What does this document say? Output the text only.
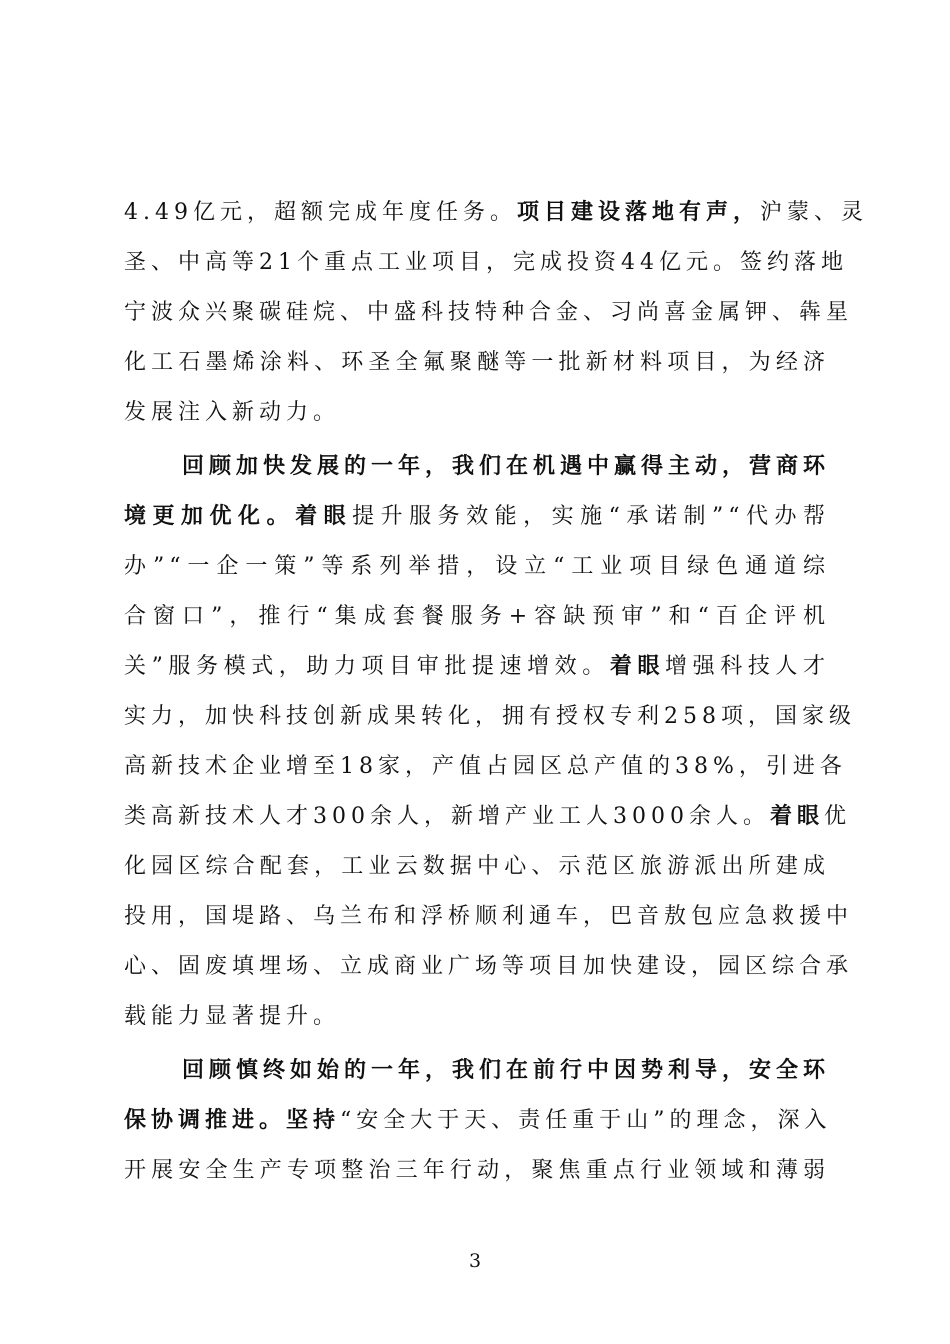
4.49亿元，超额完成年度任务。项目建设落地有声，沪蒙、灵
圣、中高等21个重点工业项目，完成投资44亿元。签约落地
宁波众兴聚碳硅烷、中盛科技特种合金、习尚喜金属钾、犇星
化工石墨烯涂料、环圣全氟聚醚等一批新材料项目，为经济
发展注入新动力。
回顾加快发展的一年，我们在机遇中赢得主动，营商环
境更加优化。着眼提升服务效能，实施“承诺制”“代办帮
办”“一企一策”等系列举措，设立“工业项目绿色通道综
合窗口”，推行“集成套餐服务+容缺预审”和“百企评机
关”服务模式，助力项目审批提速增效。着眼增强科技人才
实力，加快科技创新成果转化，拥有授权专利258项，国家级
高新技术企业增至18家，产值占园区总产值的38%，引进各
类高新技术人才300余人，新增产业工人3000余人。着眼优
化园区综合配套，工业云数据中心、示范区旅游派出所建成
投用，国堤路、乌兰布和浮桥顺利通车，巴音敖包应急救援中
心、固废填埋场、立成商业广场等项目加快建设，园区综合承
载能力显著提升。
回顾慎终如始的一年，我们在前行中因势利导，安全环
保协调推进。坚持“安全大于天、责任重于山”的理念，深入
开展安全生产专项整治三年行动，聚焦重点行业领域和薄弱
3
